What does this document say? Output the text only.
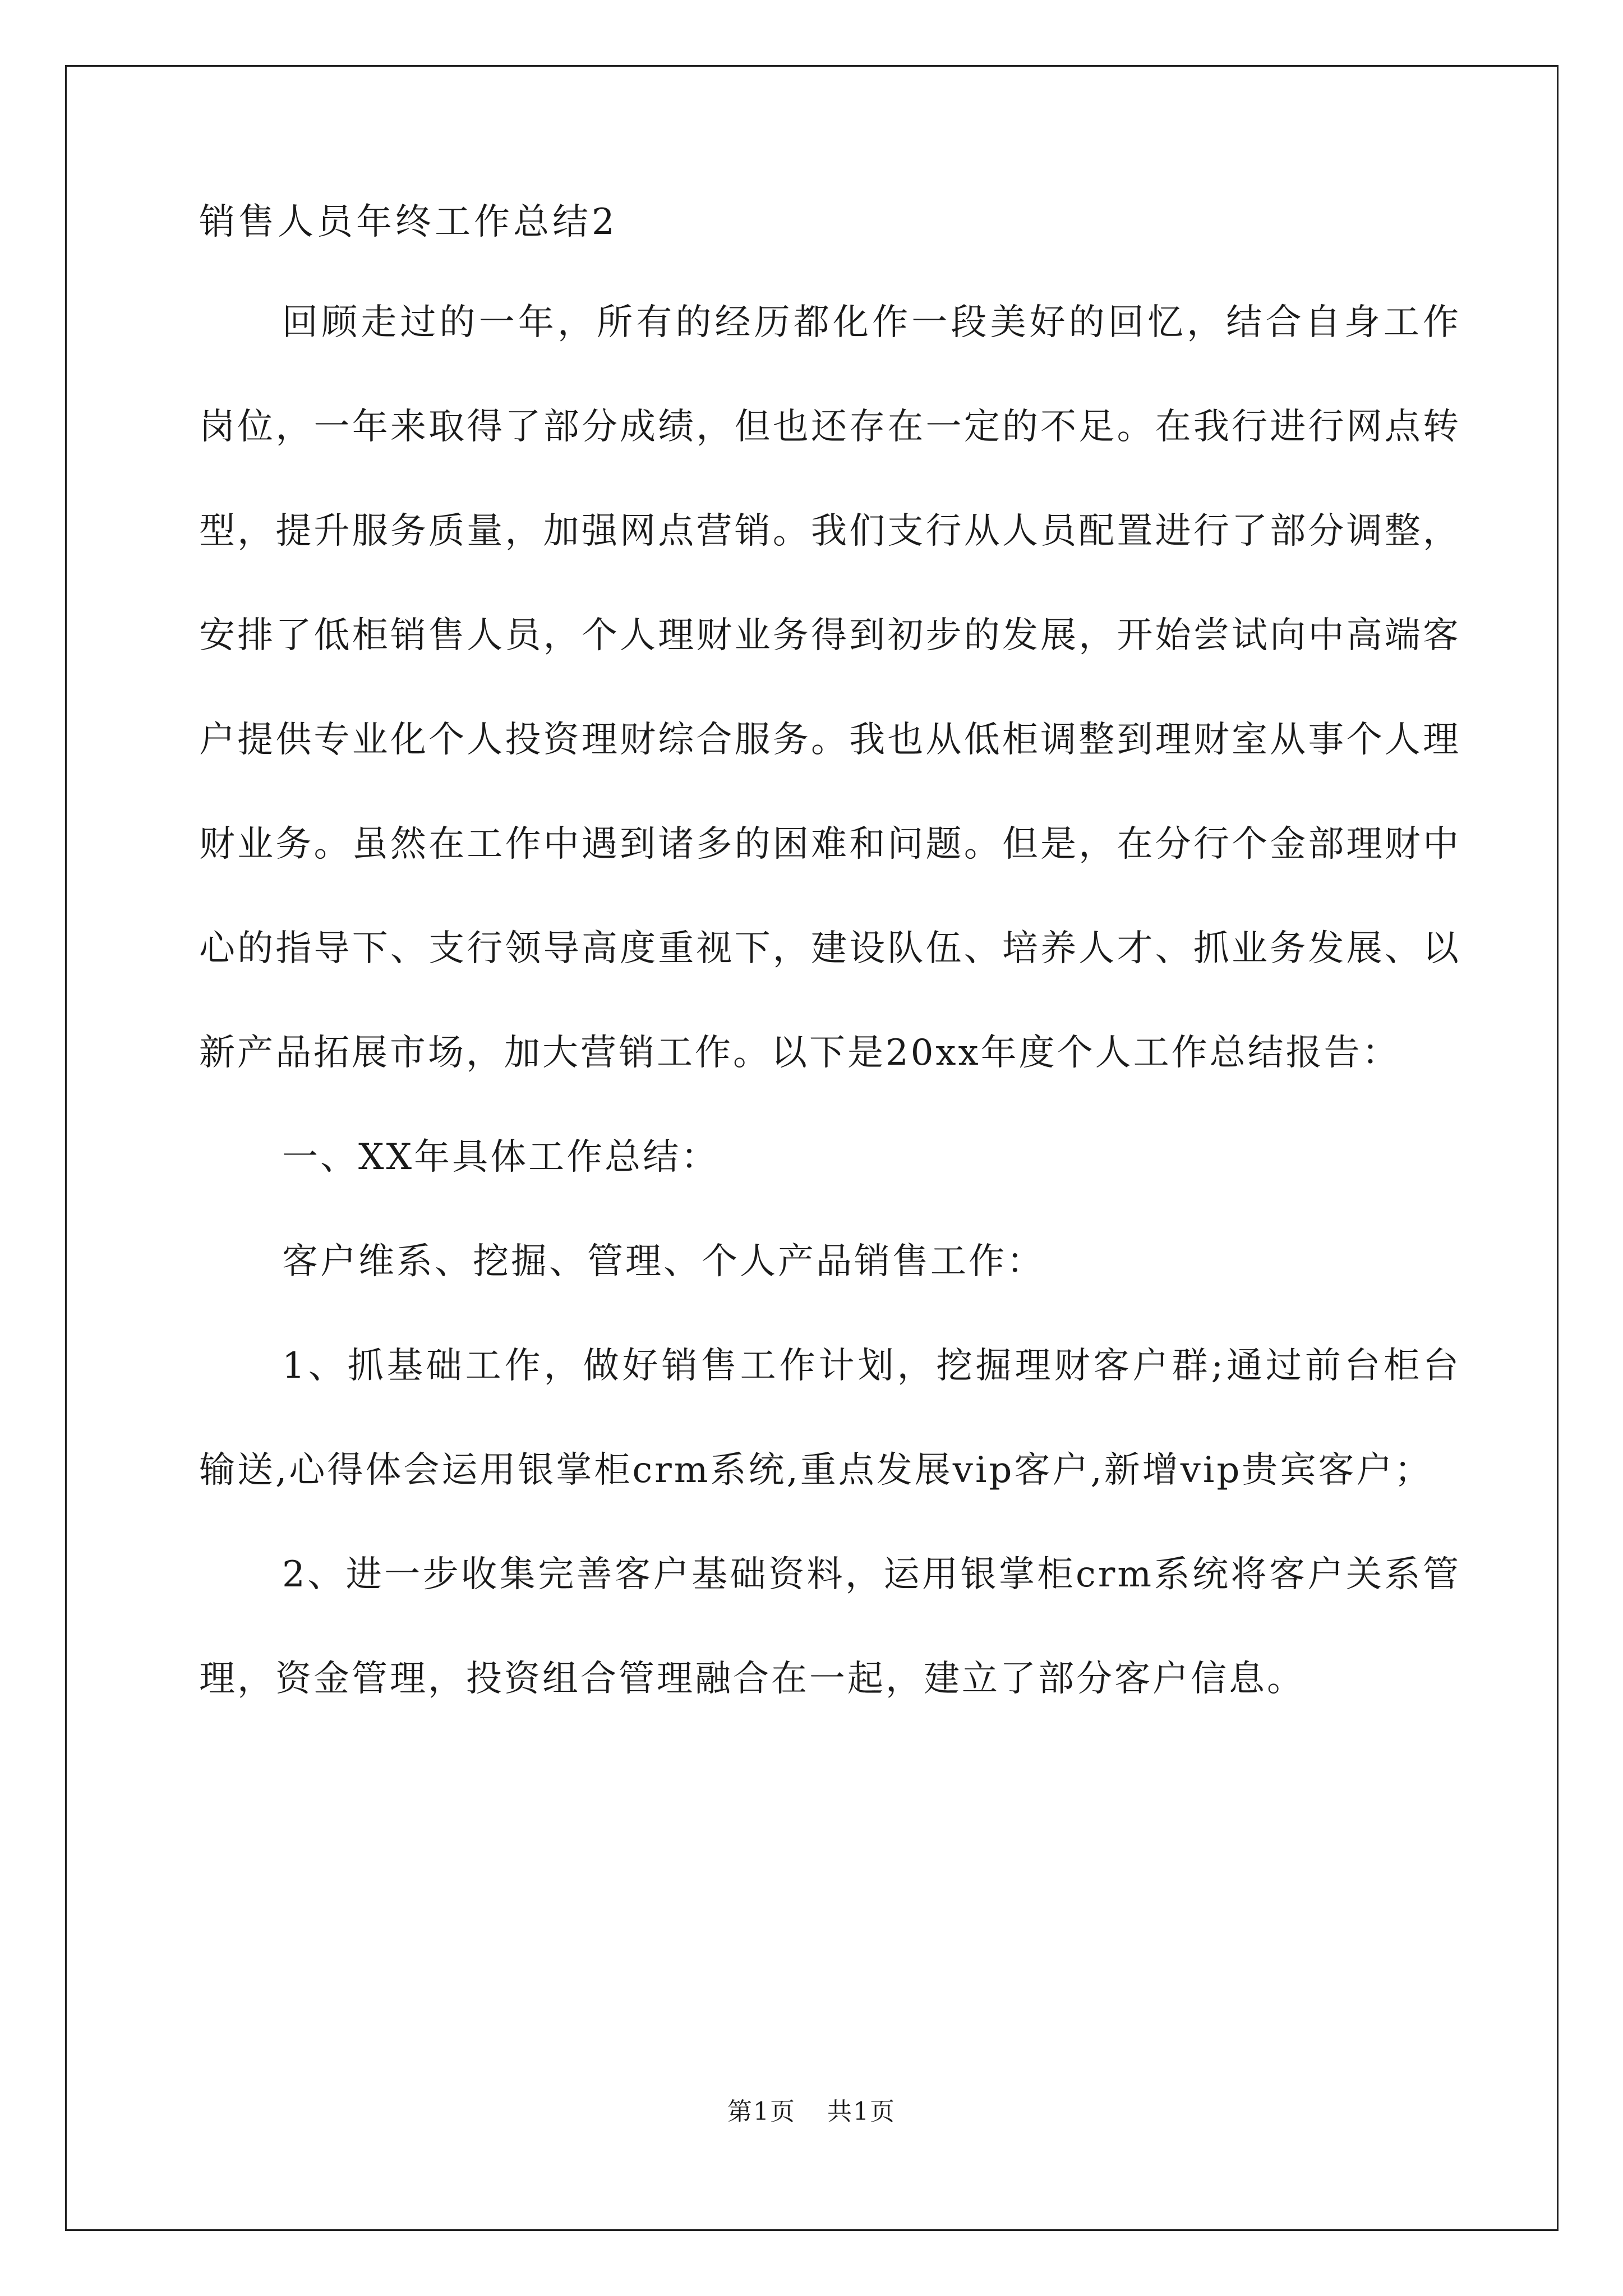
销售人员年终工作总结2

回顾走过的一年，所有的经历都化作一段美好的回忆，结合自身工作岗位，一年来取得了部分成绩，但也还存在一定的不足。在我行进行网点转型，提升服务质量，加强网点营销。我们支行从人员配置进行了部分调整，安排了低柜销售人员，个人理财业务得到初步的发展，开始尝试向中高端客户提供专业化个人投资理财综合服务。我也从低柜调整到理财室从事个人理财业务。虽然在工作中遇到诸多的困难和问题。但是，在分行个金部理财中心的指导下、支行领导高度重视下，建设队伍、培养人才、抓业务发展、以新产品拓展市场，加大营销工作。以下是20xx年度个人工作总结报告：

一、XX年具体工作总结：

客户维系、挖掘、管理、个人产品销售工作：

1、抓基础工作，做好销售工作计划，挖掘理财客户群;通过前台柜台输送,心得体会运用银掌柜crm系统,重点发展vip客户,新增vip贵宾客户；

2、进一步收集完善客户基础资料，运用银掌柜crm系统将客户关系管理，资金管理，投资组合管理融合在一起，建立了部分客户信息。

第1页 共1页
